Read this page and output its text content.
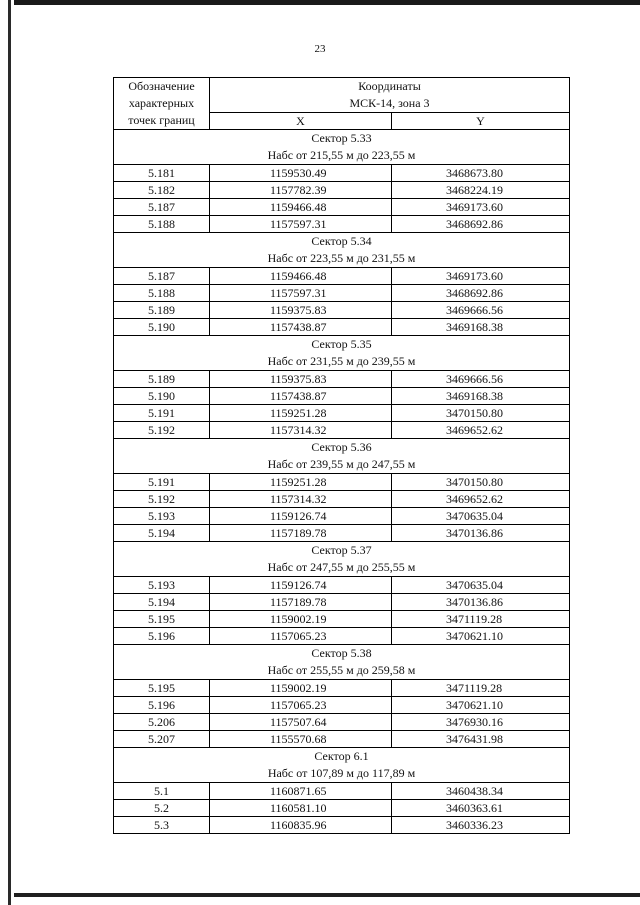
23
Обозначение характерных точек границ	Координаты
МСК-14, зона 3	

	X	Y

Сектор 5.33
Набс от 215,55 м до 223,55 м		

5.181	1159530.49	3468673.80
5.182	1157782.39	3468224.19
5.187	1159466.48	3469173.60
5.188	1157597.31	3468692.86

Сектор 5.34
Набс от 223,55 м до 231,55 м		

5.187	1159466.48	3469173.60
5.188	1157597.31	3468692.86
5.189	1159375.83	3469666.56
5.190	1157438.87	3469168.38

Сектор 5.35
Набс от 231,55 м до 239,55 м		

5.189	1159375.83	3469666.56
5.190	1157438.87	3469168.38
5.191	1159251.28	3470150.80
5.192	1157314.32	3469652.62

Сектор 5.36
Набс от 239,55 м до 247,55 м		

5.191	1159251.28	3470150.80
5.192	1157314.32	3469652.62
5.193	1159126.74	3470635.04
5.194	1157189.78	3470136.86

Сектор 5.37
Набс от 247,55 м до 255,55 м		

5.193	1159126.74	3470635.04
5.194	1157189.78	3470136.86
5.195	1159002.19	3471119.28
5.196	1157065.23	3470621.10

Сектор 5.38
Набс от 255,55 м до 259,58 м		

5.195	1159002.19	3471119.28
5.196	1157065.23	3470621.10
5.206	1157507.64	3476930.16
5.207	1155570.68	3476431.98

Сектор 6.1
Набс от 107,89 м до 117,89 м		

5.1	1160871.65	3460438.34
5.2	1160581.10	3460363.61
5.3	1160835.96	3460336.23
